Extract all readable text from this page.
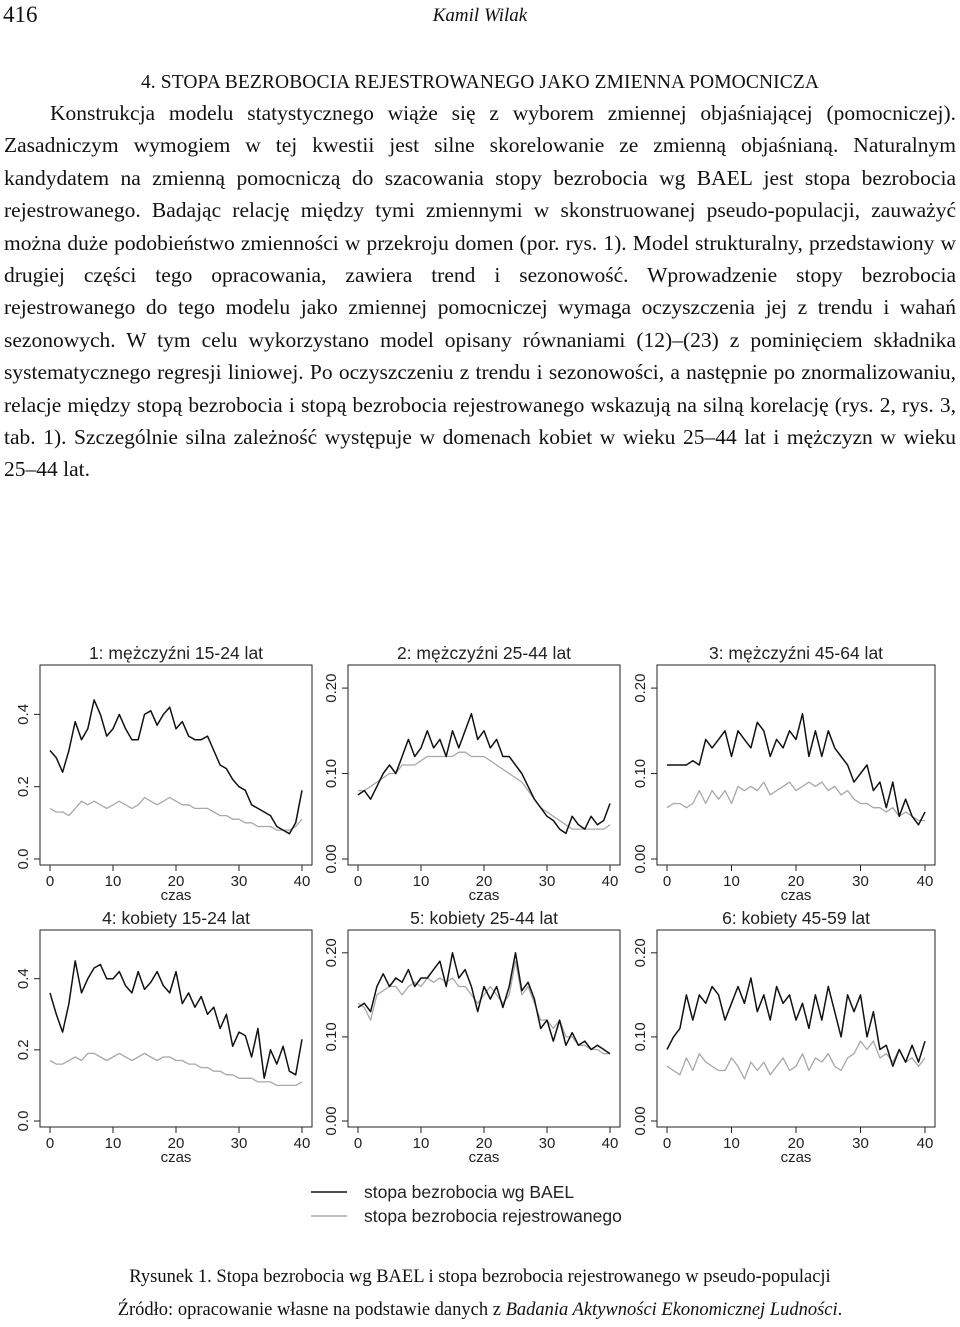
416	Kamil Wilak
4. STOPA BEZROBOCIA REJESTROWANEGO JAKO ZMIENNA POMOCNICZA

Konstrukcja modelu statystycznego wiąże się z wyborem zmiennej objaśniającej (pomocniczej). Zasadniczym wymogiem w tej kwestii jest silne skorelowanie ze zmienną objaśnianą. Naturalnym kandydatem na zmienną pomocniczą do szacowania stopy bezrobocia wg BAEL jest stopa bezrobocia rejestrowanego. Badając relację między tymi zmiennymi w skonstruowanej pseudo-populacji, zauważyć można duże podobieństwo zmienności w przekroju domen (por. rys. 1). Model strukturalny, przedstawiony w drugiej części tego opracowania, zawiera trend i sezonowość. Wprowadzenie stopy bezrobocia rejestrowanego do tego modelu jako zmiennej pomocniczej wymaga oczyszczenia jej z trendu i wahań sezonowych. W tym celu wykorzystano model opisany równaniami (12)–(23) z pominięciem składnika systematycznego regresji liniowej. Po oczyszczeniu z trendu i sezonowości, a następnie po znormalizowaniu, relacje między stopą bezrobocia i stopą bezrobocia rejestrowanego wskazują na silną korelację (rys. 2, rys. 3, tab. 1). Szczególnie silna zależność występuje w domenach kobiet w wieku 25–44 lat i mężczyzn w wieku 25–44 lat.

1: mężczyźni 15-24 lat
0	10	20	30	40
czas
0.0
0.2
0.4
2: mężczyźni 25-44 lat
0	10	20	30	40
czas
0.00
0.10
0.20
3: mężczyźni 45-64 lat
0	10	20	30	40
czas
0.00
0.10
0.20
4: kobiety 15-24 lat
0	10	20	30	40
czas
0.0
0.2
0.4
5: kobiety 25-44 lat
0	10	20	30	40
czas
0.00
0.10
0.20
6: kobiety 45-59 lat
0	10	20	30	40
czas
0.00
0.10
0.20
stopa bezrobocia wg BAEL
stopa bezrobocia rejestrowanego
Rysunek 1. Stopa bezrobocia wg BAEL i stopa bezrobocia rejestrowanego w pseudo-populacji
Źródło: opracowanie własne na podstawie danych z Badania Aktywności Ekonomicznej Ludności.
